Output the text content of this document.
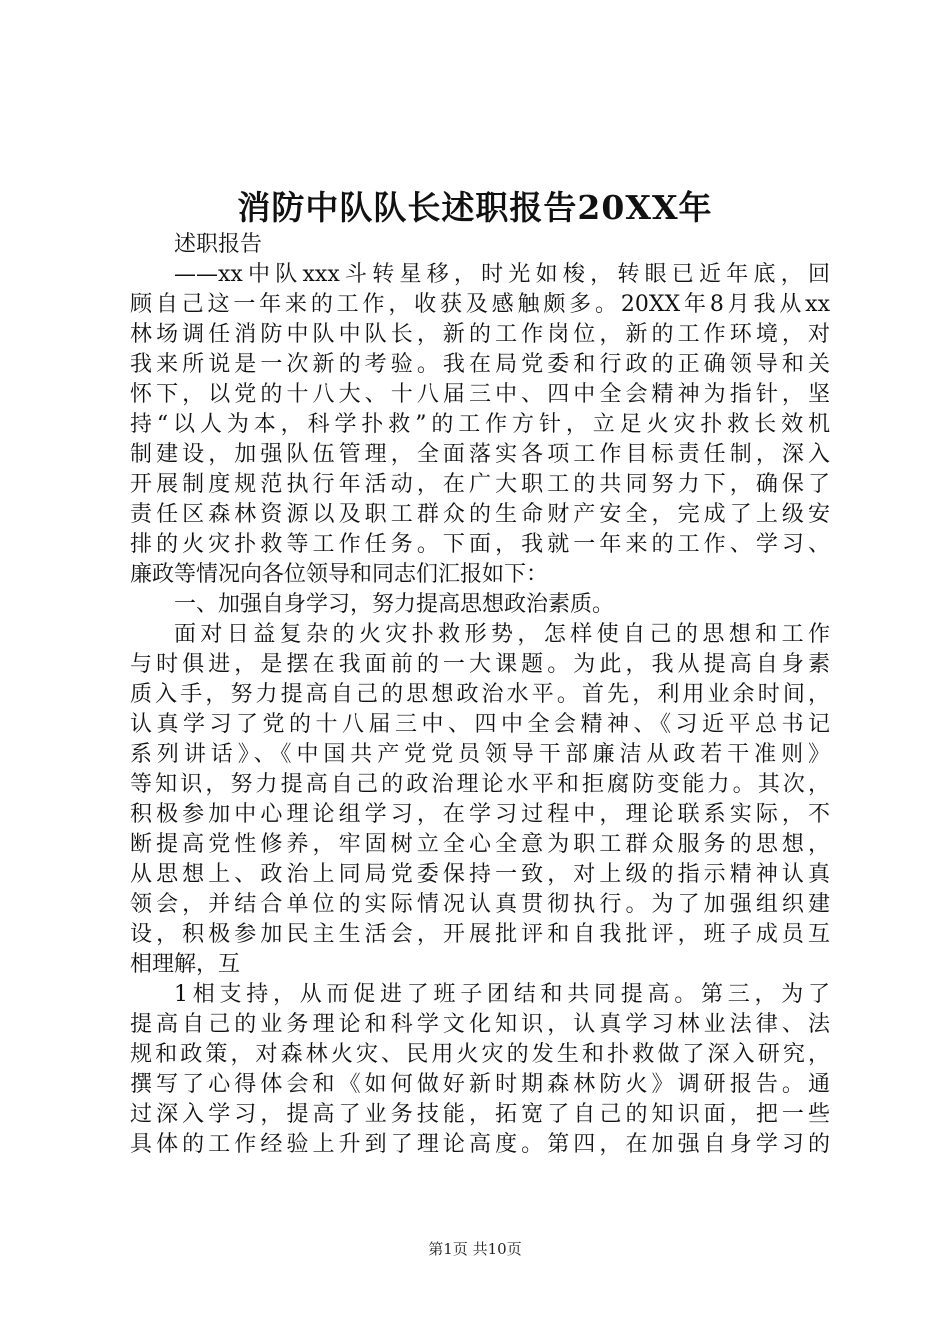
消防中队队长述职报告20XX年
述职报告
——xx中队xxx斗转星移，时光如梭，转眼已近年底，回
顾自己这一年来的工作，收获及感触颇多。20XX年8月我从xx
林场调任消防中队中队长，新的工作岗位，新的工作环境，对
我来所说是一次新的考验。我在局党委和行政的正确领导和关
怀下，以党的十八大、十八届三中、四中全会精神为指针，坚
持“以人为本，科学扑救”的工作方针，立足火灾扑救长效机
制建设，加强队伍管理，全面落实各项工作目标责任制，深入
开展制度规范执行年活动，在广大职工的共同努力下，确保了
责任区森林资源以及职工群众的生命财产安全，完成了上级安
排的火灾扑救等工作任务。下面，我就一年来的工作、学习、
廉政等情况向各位领导和同志们汇报如下：
一、加强自身学习，努力提高思想政治素质。
面对日益复杂的火灾扑救形势，怎样使自己的思想和工作
与时俱进，是摆在我面前的一大课题。为此，我从提高自身素
质入手，努力提高自己的思想政治水平。首先，利用业余时间，
认真学习了党的十八届三中、四中全会精神、《习近平总书记
系列讲话》、《中国共产党党员领导干部廉洁从政若干准则》
等知识，努力提高自己的政治理论水平和拒腐防变能力。其次，
积极参加中心理论组学习，在学习过程中，理论联系实际，不
断提高党性修养，牢固树立全心全意为职工群众服务的思想，
从思想上、政治上同局党委保持一致，对上级的指示精神认真
领会，并结合单位的实际情况认真贯彻执行。为了加强组织建
设，积极参加民主生活会，开展批评和自我批评，班子成员互
相理解，互
1相支持，从而促进了班子团结和共同提高。第三，为了
提高自己的业务理论和科学文化知识，认真学习林业法律、法
规和政策，对森林火灾、民用火灾的发生和扑救做了深入研究，
撰写了心得体会和《如何做好新时期森林防火》调研报告。通
过深入学习，提高了业务技能，拓宽了自己的知识面，把一些
具体的工作经验上升到了理论高度。第四，在加强自身学习的
第1页 共10页
